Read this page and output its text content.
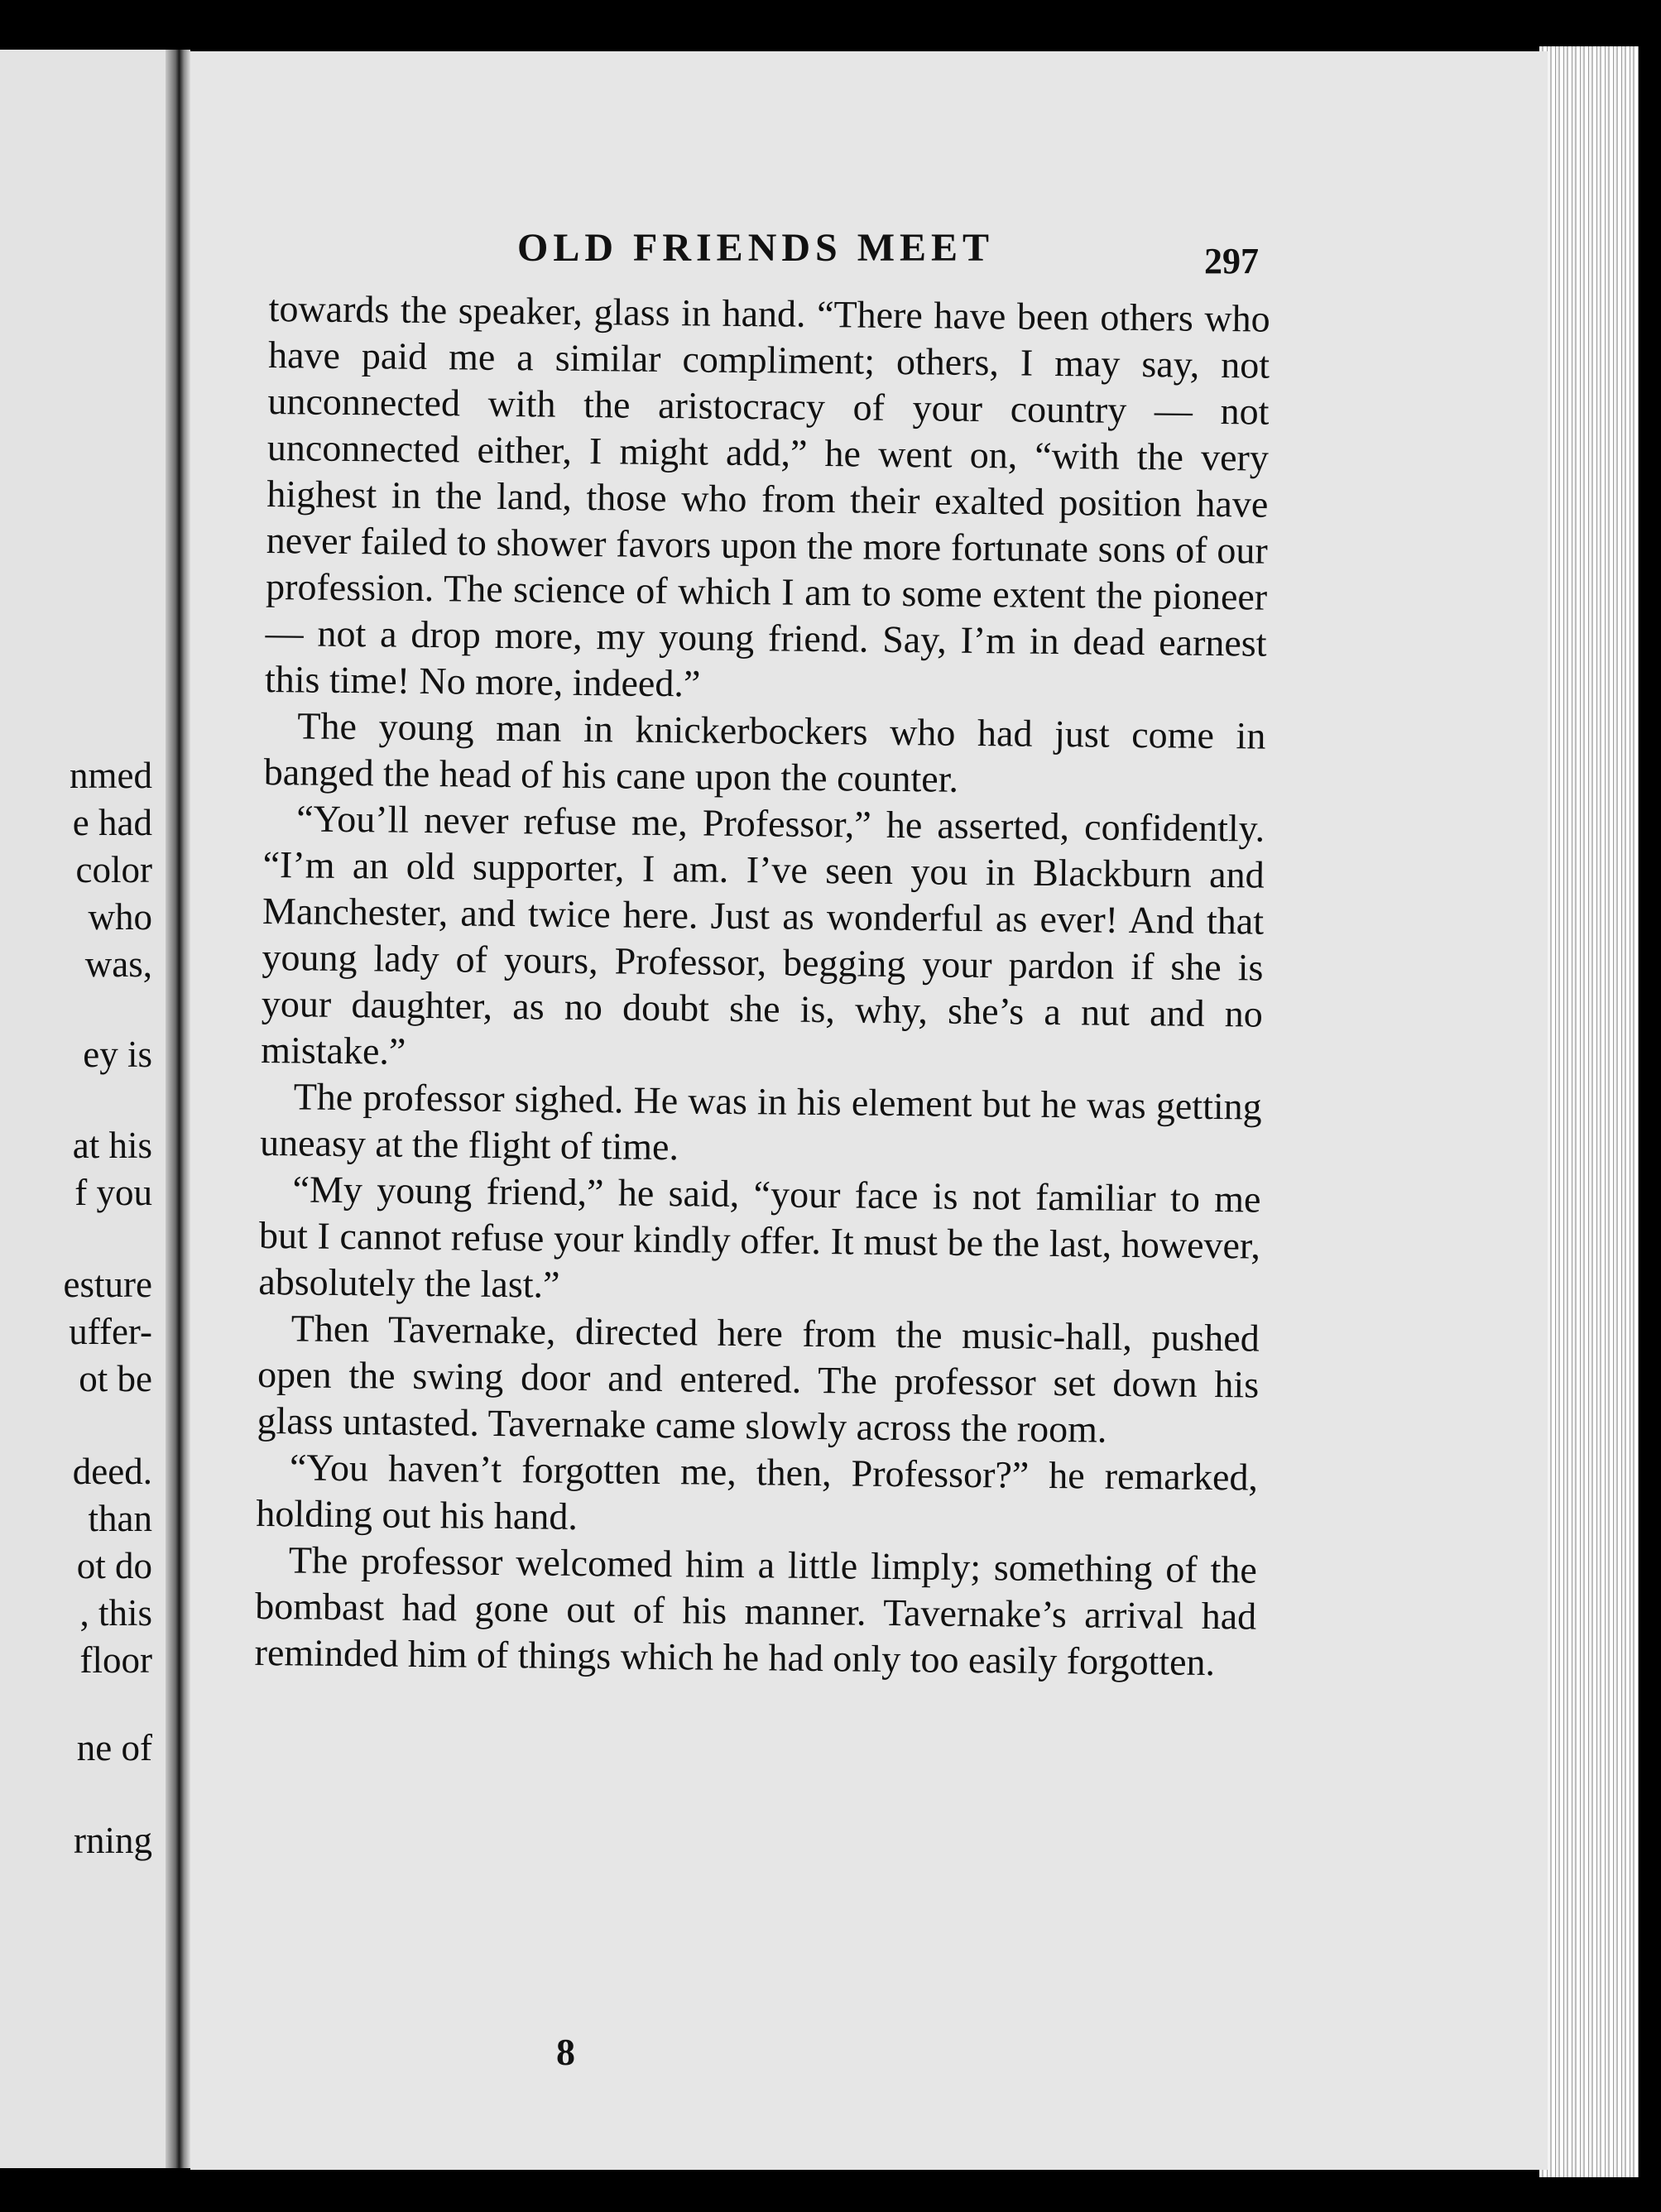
nmed
e had
color
who
was,
ey is
at his
f you
esture
uffer-
ot be
deed.
than
ot do
, this
floor
ne of
rning
OLD FRIENDS MEET	297

towards the speaker, glass in hand. “There have been others who have paid me a similar compliment; others, I may say, not unconnected with the aristocracy of your country — not unconnected either, I might add,” he went on, “with the very highest in the land, those who from their exalted position have never failed to shower favors upon the more fortunate sons of our profession. The science of which I am to some extent the pioneer — not a drop more, my young friend. Say, I’m in dead earnest this time! No more, indeed.”

The young man in knickerbockers who had just come in banged the head of his cane upon the counter.

“You’ll never refuse me, Professor,” he asserted, confidently. “I’m an old supporter, I am. I’ve seen you in Blackburn and Manchester, and twice here. Just as wonderful as ever! And that young lady of yours, Professor, begging your pardon if she is your daughter, as no doubt she is, why, she’s a nut and no mistake.”

The professor sighed. He was in his element but he was getting uneasy at the flight of time.

“My young friend,” he said, “your face is not familiar to me but I cannot refuse your kindly offer. It must be the last, however, absolutely the last.”

Then Tavernake, directed here from the music-hall, pushed open the swing door and entered. The professor set down his glass untasted. Tavernake came slowly across the room.

“You haven’t forgotten me, then, Professor?” he remarked, holding out his hand.

The professor welcomed him a little limply; something of the bombast had gone out of his manner. Tavernake’s arrival had reminded him of things which he had only too easily forgotten.

8
